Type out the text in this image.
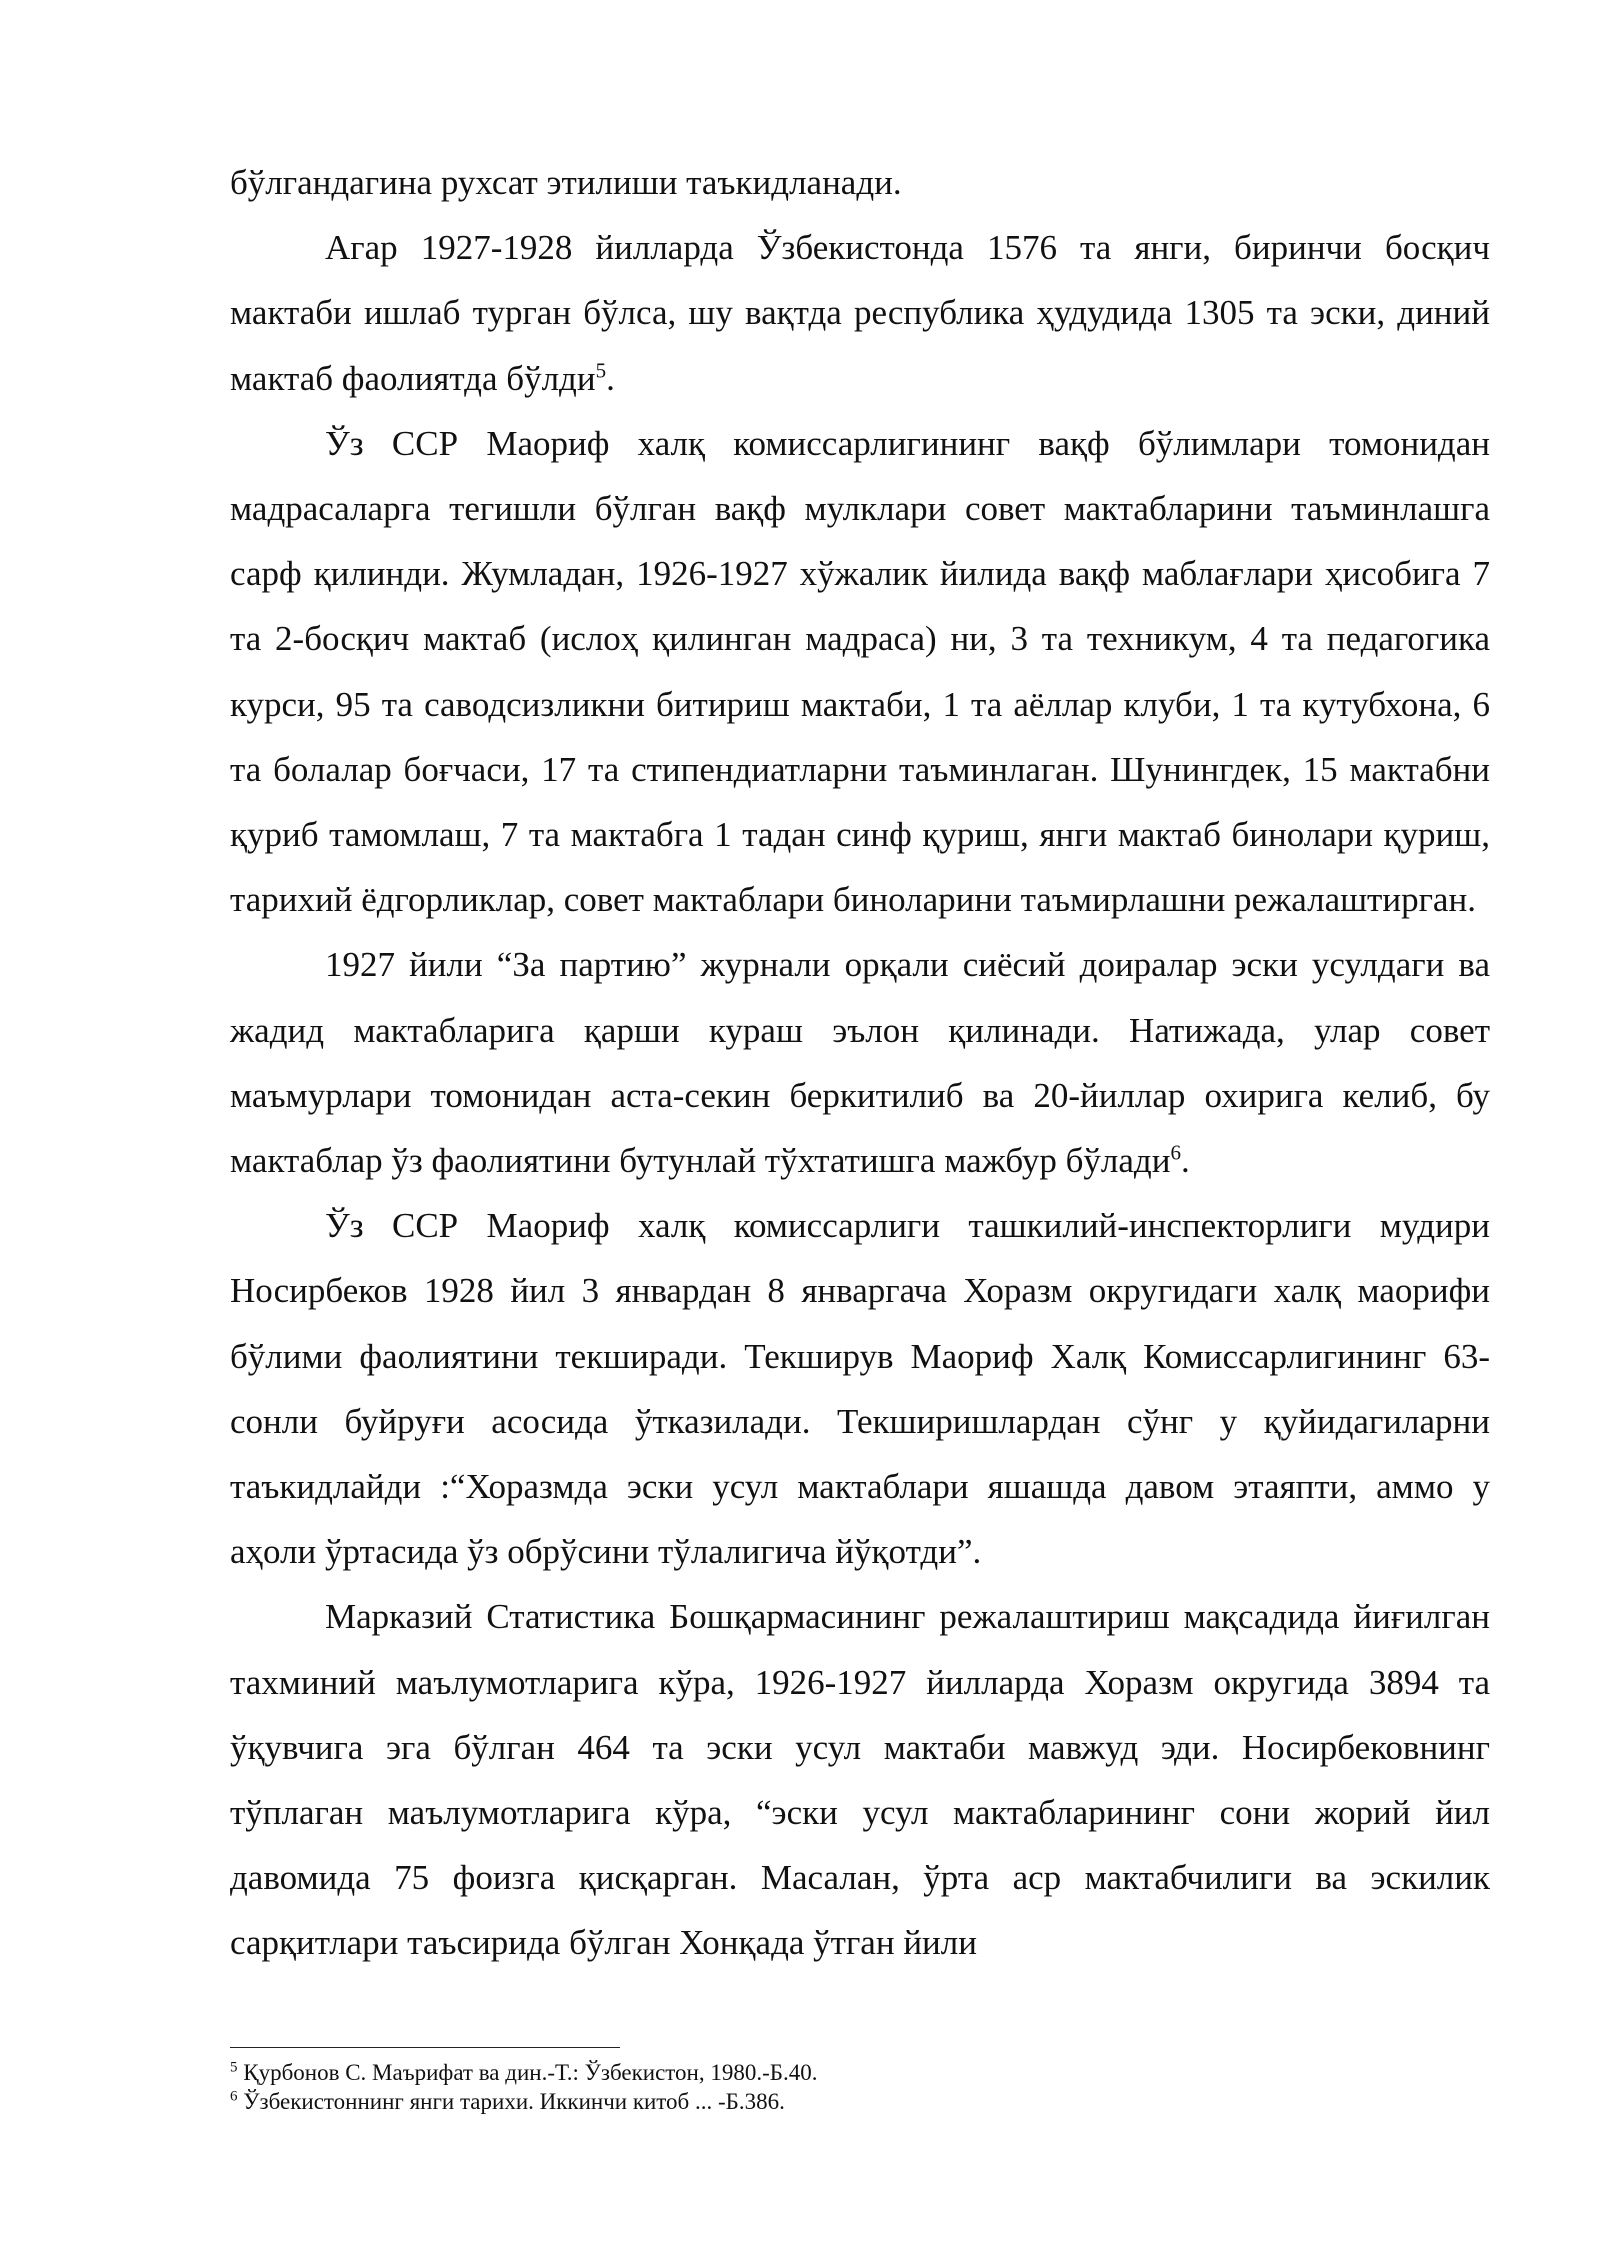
бўлгандагина рухсат этилиши таъкидланади.

Агар 1927-1928 йилларда Ўзбекистонда 1576 та янги, биринчи босқич мактаби ишлаб турган бўлса, шу вақтда республика ҳудудида 1305 та эски, диний мактаб фаолиятда бўлди$^5$.

Ўз ССР Маориф халқ комиссарлигининг вақф бўлимлари томонидан мадрасаларга тегишли бўлган вақф мулклари совет мактабларини таъминлашга сарф қилинди. Жумладан, 1926-1927 хўжалик йилида вақф маблағлари ҳисобига 7 та 2-босқич мактаб (ислоҳ қилинган мадраса) ни, 3 та техникум, 4 та педагогика курси, 95 та саводсизликни битириш мактаби, 1 та аёллар клуби, 1 та кутубхона, 6 та болалар боғчаси, 17 та стипендиатларни таъминлаган. Шунингдек, 15 мактабни қуриб тамомлаш, 7 та мактабга 1 тадан синф қуриш, янги мактаб бинолари қуриш, тарихий ёдгорликлар, совет мактаблари биноларини таъмирлашни режалаштирган.

1927 йили “За партию” журнали орқали сиёсий доиралар эски усулдаги ва жадид мактабларига қарши кураш эълон қилинади. Натижада, улар совет маъмурлари томонидан аста-секин беркитилиб ва 20-йиллар охирига келиб, бу мактаблар ўз фаолиятини бутунлай тўхтатишга мажбур бўлади$^6$.

Ўз ССР Маориф халқ комиссарлиги ташкилий-инспекторлиги мудири Носирбеков 1928 йил 3 январдан 8 январгача Хоразм округидаги халқ маорифи бўлими фаолиятини текширади. Текширув Маориф Халқ Комиссарлигининг 63- сонли буйруғи асосида ўтказилади. Текширишлардан сўнг у қуйидагиларни таъкидлайди :“Хоразмда эски усул мактаблари яшашда давом этаяпти, аммо у аҳоли ўртасида ўз обрўсини тўлалигича йўқотди”.

Марказий Статистика Бошқармасининг режалаштириш мақсадида йиғилган тахминий маълумотларига кўра, 1926-1927 йилларда Хоразм округида 3894 та ўқувчига эга бўлган 464 та эски усул мактаби мавжуд эди. Носирбековнинг тўплаган маълумотларига кўра, “эски усул мактабларининг сони жорий йил давомида 75 фоизга қисқарган. Масалан, ўрта аср мактабчилиги ва эскилик сарқитлари таъсирида бўлган Хонқада ўтган йили

$^5$ Қурбонов С. Маърифат ва дин.-Т.: Ўзбекистон, 1980.-Б.40.

$^6$ Ўзбекистоннинг янги тарихи. Иккинчи китоб ... -Б.386.
